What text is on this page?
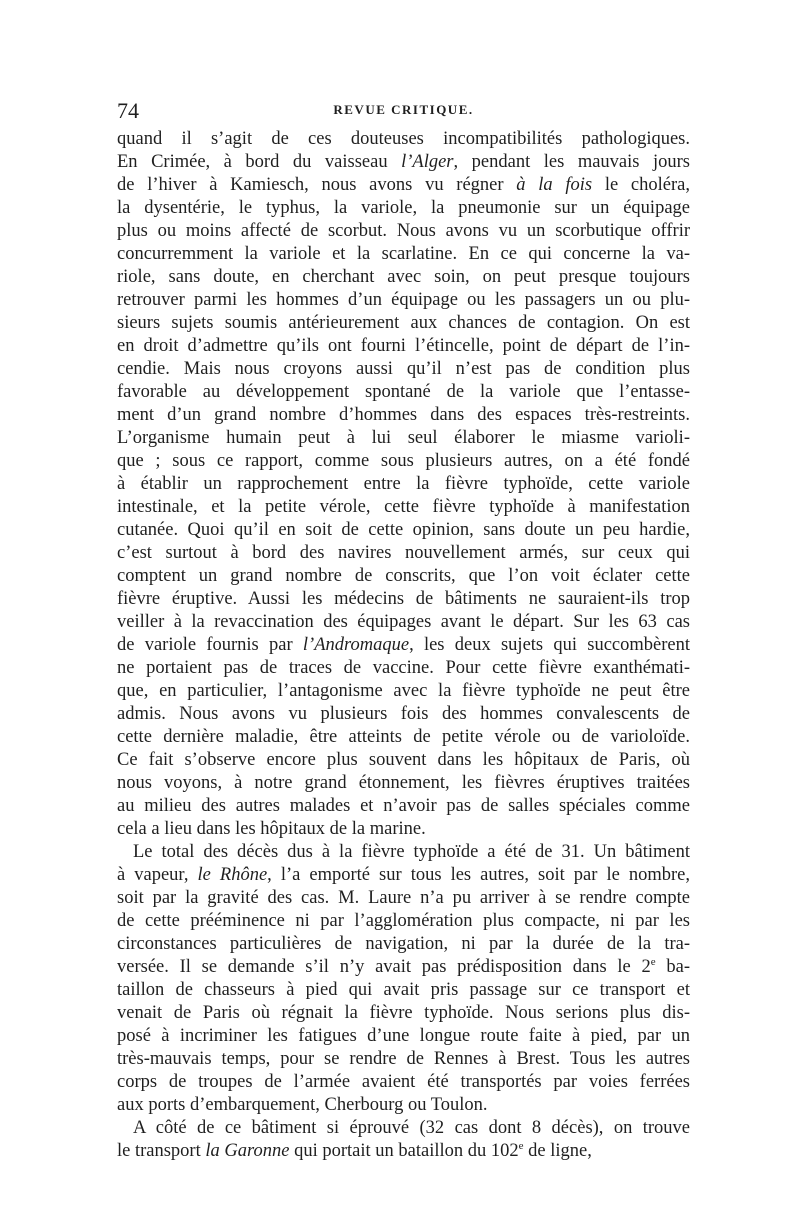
74	REVUE CRITIQUE.
quand il s’agit de ces douteuses incompatibilités pathologiques.
En Crimée, à bord du vaisseau l’Alger, pendant les mauvais jours
de l’hiver à Kamiesch, nous avons vu régner à la fois le choléra,
la dysentérie, le typhus, la variole, la pneumonie sur un équipage
plus ou moins affecté de scorbut. Nous avons vu un scorbutique offrir
concurremment la variole et la scarlatine. En ce qui concerne la va-
riole, sans doute, en cherchant avec soin, on peut presque toujours
retrouver parmi les hommes d’un équipage ou les passagers un ou plu-
sieurs sujets soumis antérieurement aux chances de contagion. On est
en droit d’admettre qu’ils ont fourni l’étincelle, point de départ de l’in-
cendie. Mais nous croyons aussi qu’il n’est pas de condition plus
favorable au développement spontané de la variole que l’entasse-
ment d’un grand nombre d’hommes dans des espaces très-restreints.
L’organisme humain peut à lui seul élaborer le miasme varioli-
que ; sous ce rapport, comme sous plusieurs autres, on a été fondé
à établir un rapprochement entre la fièvre typhoïde, cette variole
intestinale, et la petite vérole, cette fièvre typhoïde à manifestation
cutanée. Quoi qu’il en soit de cette opinion, sans doute un peu hardie,
c’est surtout à bord des navires nouvellement armés, sur ceux qui
comptent un grand nombre de conscrits, que l’on voit éclater cette
fièvre éruptive. Aussi les médecins de bâtiments ne sauraient-ils trop
veiller à la revaccination des équipages avant le départ. Sur les 63 cas
de variole fournis par l’Andromaque, les deux sujets qui succombèrent
ne portaient pas de traces de vaccine. Pour cette fièvre exanthémati-
que, en particulier, l’antagonisme avec la fièvre typhoïde ne peut être
admis. Nous avons vu plusieurs fois des hommes convalescents de
cette dernière maladie, être atteints de petite vérole ou de varioloïde.
Ce fait s’observe encore plus souvent dans les hôpitaux de Paris, où
nous voyons, à notre grand étonnement, les fièvres éruptives traitées
au milieu des autres malades et n’avoir pas de salles spéciales comme
cela a lieu dans les hôpitaux de la marine.
Le total des décès dus à la fièvre typhoïde a été de 31. Un bâtiment
à vapeur, le Rhône, l’a emporté sur tous les autres, soit par le nombre,
soit par la gravité des cas. M. Laure n’a pu arriver à se rendre compte
de cette prééminence ni par l’agglomération plus compacte, ni par les
circonstances particulières de navigation, ni par la durée de la tra-
versée. Il se demande s’il n’y avait pas prédisposition dans le 2e ba-
taillon de chasseurs à pied qui avait pris passage sur ce transport et
venait de Paris où régnait la fièvre typhoïde. Nous serions plus dis-
posé à incriminer les fatigues d’une longue route faite à pied, par un
très-mauvais temps, pour se rendre de Rennes à Brest. Tous les autres
corps de troupes de l’armée avaient été transportés par voies ferrées
aux ports d’embarquement, Cherbourg ou Toulon.
A côté de ce bâtiment si éprouvé (32 cas dont 8 décès), on trouve
le transport la Garonne qui portait un bataillon du 102e de ligne,
